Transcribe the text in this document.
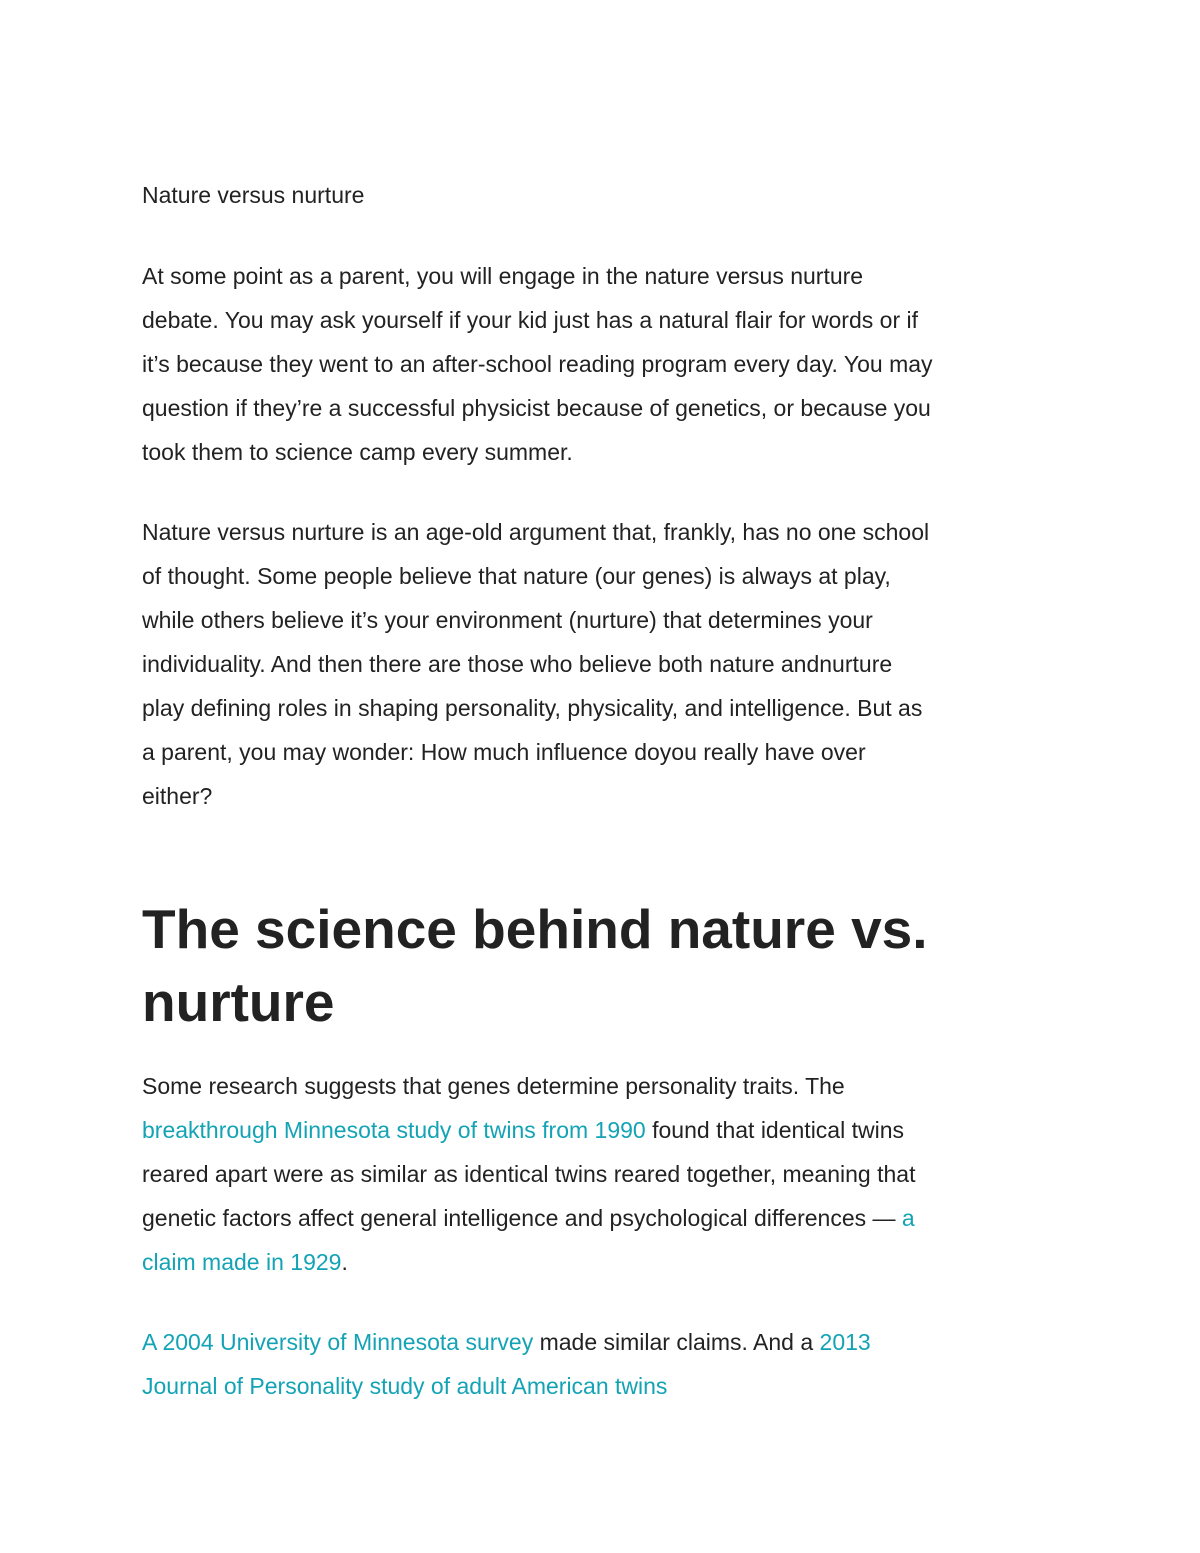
Nature versus nurture

At some point as a parent, you will engage in the nature versus nurture
debate. You may ask yourself if your kid just has a natural flair for words or if
it’s because they went to an after-school reading program every day. You may
question if they’re a successful physicist because of genetics, or because you
took them to science camp every summer.

Nature versus nurture is an age-old argument that, frankly, has no one school
of thought. Some people believe that nature (our genes) is always at play,
while others believe it’s your environment (nurture) that determines your
individuality. And then there are those who believe both nature andnurture
play defining roles in shaping personality, physicality, and intelligence. But as
a parent, you may wonder: How much influence doyou really have over
either?

The science behind nature vs.
nurture

Some research suggests that genes determine personality traits. The
breakthrough Minnesota study of twins from 1990 found that identical twins
reared apart were as similar as identical twins reared together, meaning that
genetic factors affect general intelligence and psychological differences — a
claim made in 1929.

A 2004 University of Minnesota survey made similar claims. And a 2013
Journal of Personality study of adult American twins
